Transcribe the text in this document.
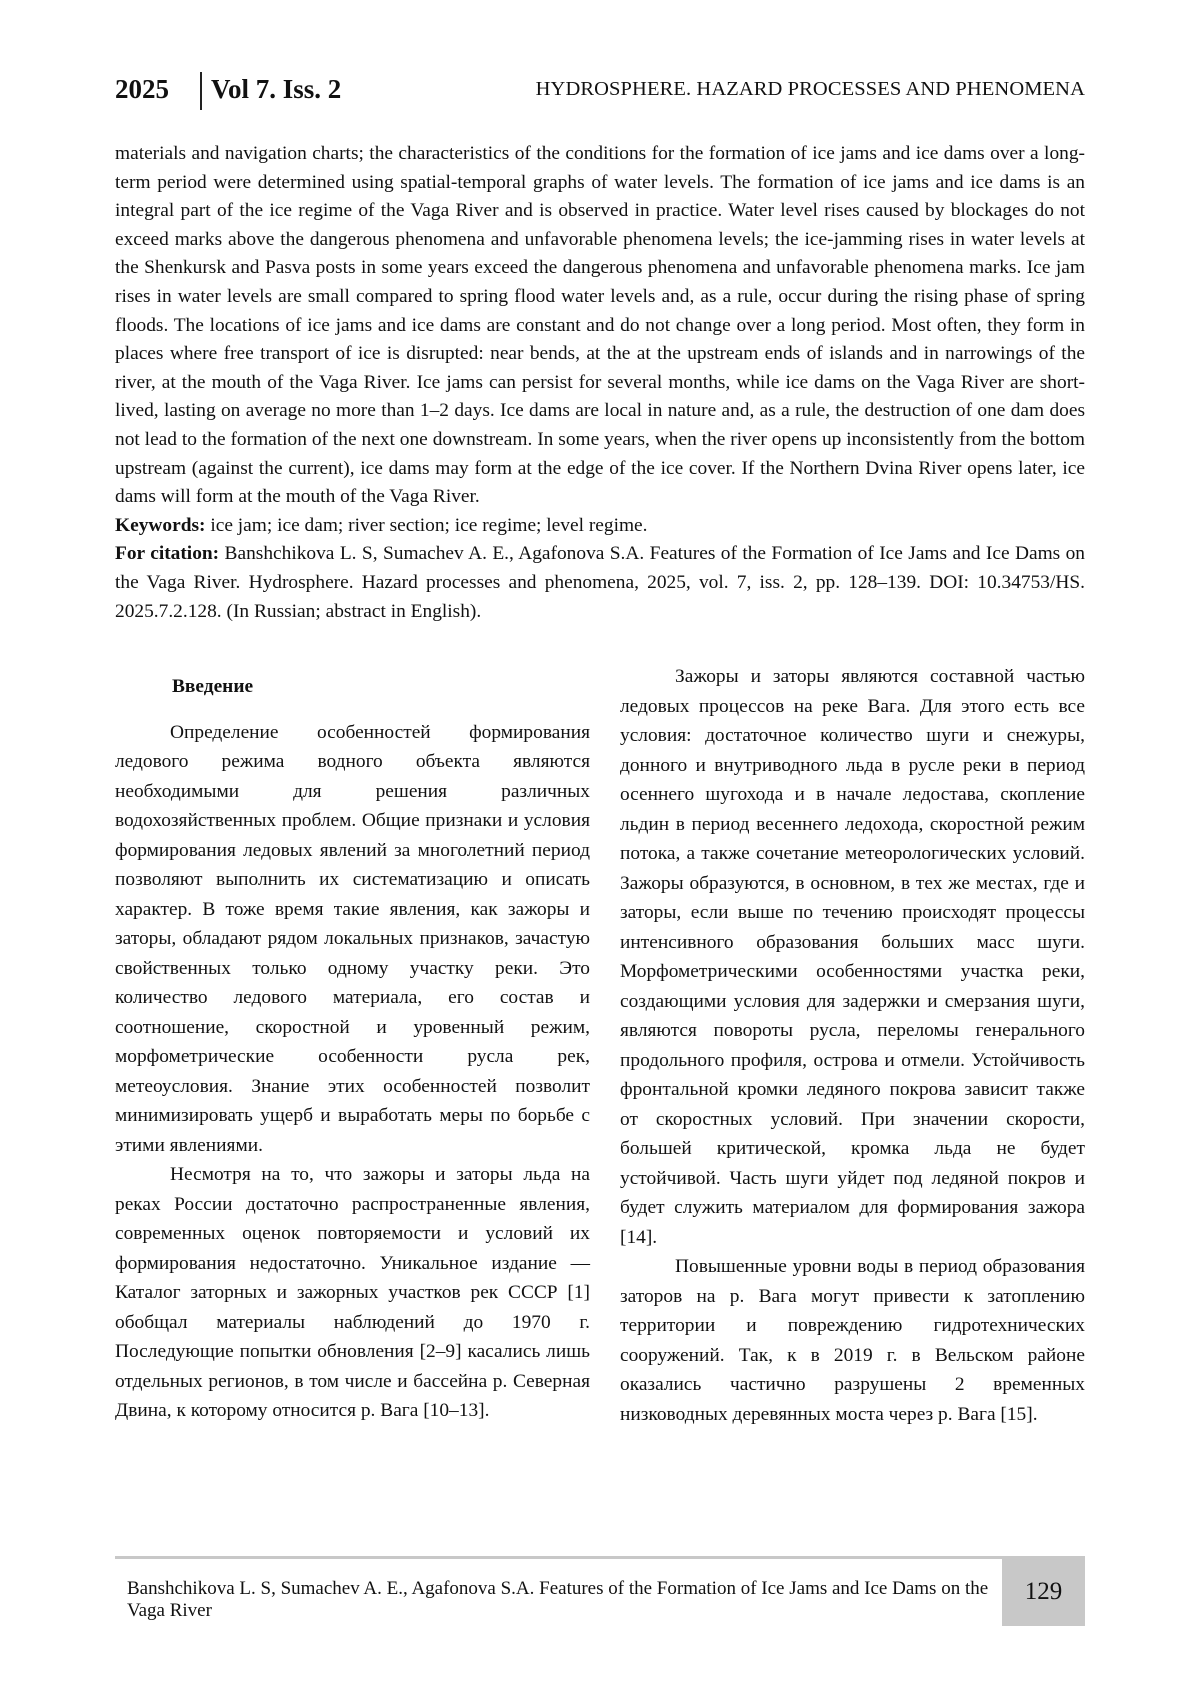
2025 Vol 7. Iss. 2	HYDROSPHERE. HAZARD PROCESSES AND PHENOMENA

materials and navigation charts; the characteristics of the conditions for the formation of ice jams and ice dams over a long-term period were determined using spatial-temporal graphs of water levels. The formation of ice jams and ice dams is an integral part of the ice regime of the Vaga River and is observed in practice. Water level rises caused by blockages do not exceed marks above the dangerous phenomena and unfavorable phenomena levels; the ice-jamming rises in water levels at the Shenkursk and Pasva posts in some years exceed the dangerous phenomena and unfavorable phenomena marks. Ice jam rises in water levels are small compared to spring flood water levels and, as a rule, occur during the rising phase of spring floods. The locations of ice jams and ice dams are constant and do not change over a long period. Most often, they form in places where free transport of ice is disrupted: near bends, at the at the upstream ends of islands and in narrowings of the river, at the mouth of the Vaga River. Ice jams can persist for several months, while ice dams on the Vaga River are short-lived, lasting on average no more than 1–2 days. Ice dams are local in nature and, as a rule, the destruction of one dam does not lead to the formation of the next one downstream. In some years, when the river opens up inconsistently from the bottom upstream (against the current), ice dams may form at the edge of the ice cover. If the Northern Dvina River opens later, ice dams will form at the mouth of the Vaga River.

Keywords: ice jam; ice dam; river section; ice regime; level regime.

For citation: Banshchikova L. S, Sumachev A. E., Agafonova S.A. Features of the Formation of Ice Jams and Ice Dams on the Vaga River. Hydrosphere. Hazard processes and phenomena, 2025, vol. 7, iss. 2, pp. 128–139. DOI: 10.34753/HS. 2025.7.2.128. (In Russian; abstract in English).

Введение

Определение особенностей формирования ледового режима водного объекта являются необходимыми для решения различных водохозяйственных проблем. Общие признаки и условия формирования ледовых явлений за многолетний период позволяют выполнить их систематизацию и описать характер. В тоже время такие явления, как зажоры и заторы, обладают рядом локальных признаков, зачастую свойственных только одному участку реки. Это количество ледового материала, его состав и соотношение, скоростной и уровенный режим, морфометрические особенности русла рек, метеоусловия. Знание этих особенностей позволит минимизировать ущерб и выработать меры по борьбе с этими явлениями.

Несмотря на то, что зажоры и заторы льда на реках России достаточно распространенные явления, современных оценок повторяемости и условий их формирования недостаточно. Уникальное издание — Каталог заторных и зажорных участков рек СССР [1] обобщал материалы наблюдений до 1970 г. Последующие попытки обновления [2–9] касались лишь отдельных регионов, в том числе и бассейна р. Северная Двина, к которому относится р. Вага [10–13].

Зажоры и заторы являются составной частью ледовых процессов на реке Вага. Для этого есть все условия: достаточное количество шуги и снежуры, донного и внутриводного льда в русле реки в период осеннего шугохода и в начале ледостава, скопление льдин в период весеннего ледохода, скоростной режим потока, а также сочетание метеорологических условий. Зажоры образуются, в основном, в тех же местах, где и заторы, если выше по течению происходят процессы интенсивного образования больших масс шуги. Морфометрическими особенностями участка реки, создающими условия для задержки и смерзания шуги, являются повороты русла, переломы генерального продольного профиля, острова и отмели. Устойчивость фронтальной кромки ледяного покрова зависит также от скоростных условий. При значении скорости, большей критической, кромка льда не будет устойчивой. Часть шуги уйдет под ледяной покров и будет служить материалом для формирования зажора [14].

Повышенные уровни воды в период образования заторов на р. Вага могут привести к затоплению территории и повреждению гидротехнических сооружений. Так, к в 2019 г. в Вельском районе оказались частично разрушены 2 временных низководных деревянных моста через р. Вага [15].

Banshchikova L. S, Sumachev A. E., Agafonova S.A. Features of the Formation of Ice Jams and Ice Dams on the Vaga River
129
